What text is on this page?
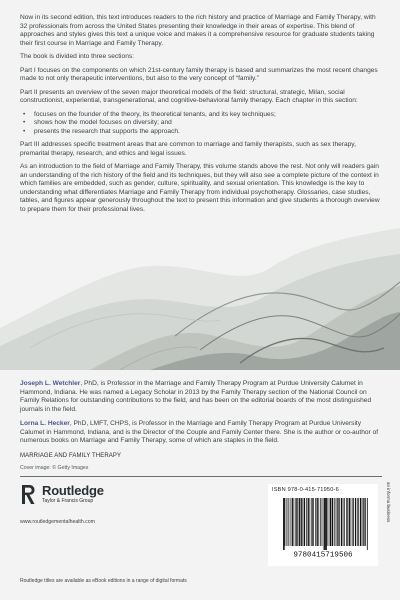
Now in its second edition, this text introduces readers to the rich history and practice of Marriage and Family Therapy, with 32 professionals from across the United States presenting their knowledge in their areas of expertise. This blend of approaches and styles gives this text a unique voice and makes it a comprehensive resource for graduate students taking their first course in Marriage and Family Therapy.

The book is divided into three sections:

Part I focuses on the components on which 21st-century family therapy is based and summarizes the most recent changes made to not only therapeutic interventions, but also to the very concept of “family.”

Part II presents an overview of the seven major theoretical models of the field: structural, strategic, Milan, social constructionist, experiential, transgenerational, and cognitive-behavioral family therapy. Each chapter in this section:

• focuses on the founder of the theory, its theoretical tenants, and its key techniques;
• shows how the model focuses on diversity; and
• presents the research that supports the approach.

Part III addresses specific treatment areas that are common to marriage and family therapists, such as sex therapy, premarital therapy, research, and ethics and legal issues.

As an introduction to the field of Marriage and Family Therapy, this volume stands above the rest. Not only will readers gain an understanding of the rich history of the field and its techniques, but they will also see a complete picture of the context in which families are embedded, such as gender, culture, spirituality, and sexual orientation. This knowledge is the key to understanding what differentiates Marriage and Family Therapy from individual psychotherapy. Glossaries, case studies, tables, and figures appear generously throughout the text to present this information and give students a thorough overview to prepare them for their professional lives.

Joseph L. Wetchler, PhD, is Professor in the Marriage and Family Therapy Program at Purdue University Calumet in Hammond, Indiana. He was named a Legacy Scholar in 2013 by the Family Therapy section of the National Council on Family Relations for outstanding contributions to the field, and has been on the editorial boards of the most distinguished journals in the field.

Lorna L. Hecker, PhD, LMFT, CHPS, is Professor in the Marriage and Family Therapy Program at Purdue University Calumet in Hammond, Indiana, and is the Director of the Couple and Family Center there. She is the author or co-author of numerous books on Marriage and Family Therapy, some of which are staples in the field.

MARRIAGE AND FAMILY THERAPY
Cover image: © Getty Images
Routledge
Taylor & Francis Group
www.routledgementalhealth.com
ISBN 978-0-415-71950-6
9780415719506
an informa business
Routledge titles are available as eBook editions in a range of digital formats
